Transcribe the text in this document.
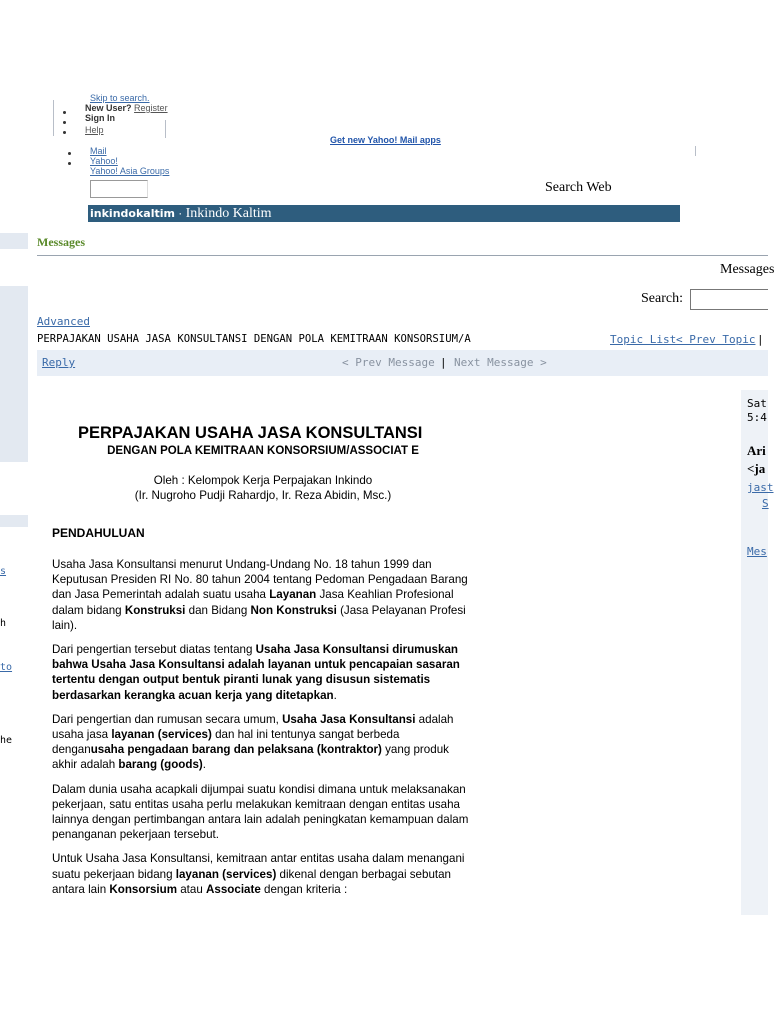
Skip to search.
New User? Register
Sign In
Help
Get new Yahoo! Mail apps
Mail
Yahoo!
Yahoo! Asia Groups
Search Web
inkindokaltim · Inkindo Kaltim
s
h
to
he
Messages
Messages
Search:
Advanced
PERPAJAKAN USAHA JASA KONSULTANSI DENGAN POLA KEMITRAAN KONSORSIUM/A	Topic List < Prev Topic |
Reply	< Prev Message | Next Message >
Sat
5:4
Ari
<ja
jast
S
Mes
PERPAJAKAN USAHA JASA KONSULTANSI
DENGAN POLA KEMITRAAN KONSORSIUM/ASSOCIAT E
Oleh : Kelompok Kerja Perpajakan Inkindo
(Ir. Nugroho Pudji Rahardjo, Ir. Reza Abidin, Msc.)
PENDAHULUAN

Usaha Jasa Konsultansi menurut Undang-Undang No. 18 tahun 1999 dan Keputusan Presiden RI No. 80 tahun 2004 tentang Pedoman Pengadaan Barang dan Jasa Pemerintah adalah suatu usaha Layanan Jasa Keahlian Profesional dalam bidang Konstruksi dan Bidang Non Konstruksi (Jasa Pelayanan Profesi lain).

Dari pengertian tersebut diatas tentang Usaha Jasa Konsultansi dirumuskan bahwa Usaha Jasa Konsultansi adalah layanan untuk pencapaian sasaran tertentu dengan output bentuk piranti lunak yang disusun sistematis berdasarkan kerangka acuan kerja yang ditetapkan.

Dari pengertian dan rumusan secara umum, Usaha Jasa Konsultansi adalah usaha jasa layanan (services) dan hal ini tentunya sangat berbeda denganusaha pengadaan barang dan pelaksana (kontraktor) yang produk akhir adalah barang (goods).

Dalam dunia usaha acapkali dijumpai suatu kondisi dimana untuk melaksanakan pekerjaan, satu entitas usaha perlu melakukan kemitraan dengan entitas usaha lainnya dengan pertimbangan antara lain adalah peningkatan kemampuan dalam penanganan pekerjaan tersebut.

Untuk Usaha Jasa Konsultansi, kemitraan antar entitas usaha dalam menangani suatu pekerjaan bidang layanan (services) dikenal dengan berbagai sebutan antara lain Konsorsium atau Associate dengan kriteria :
